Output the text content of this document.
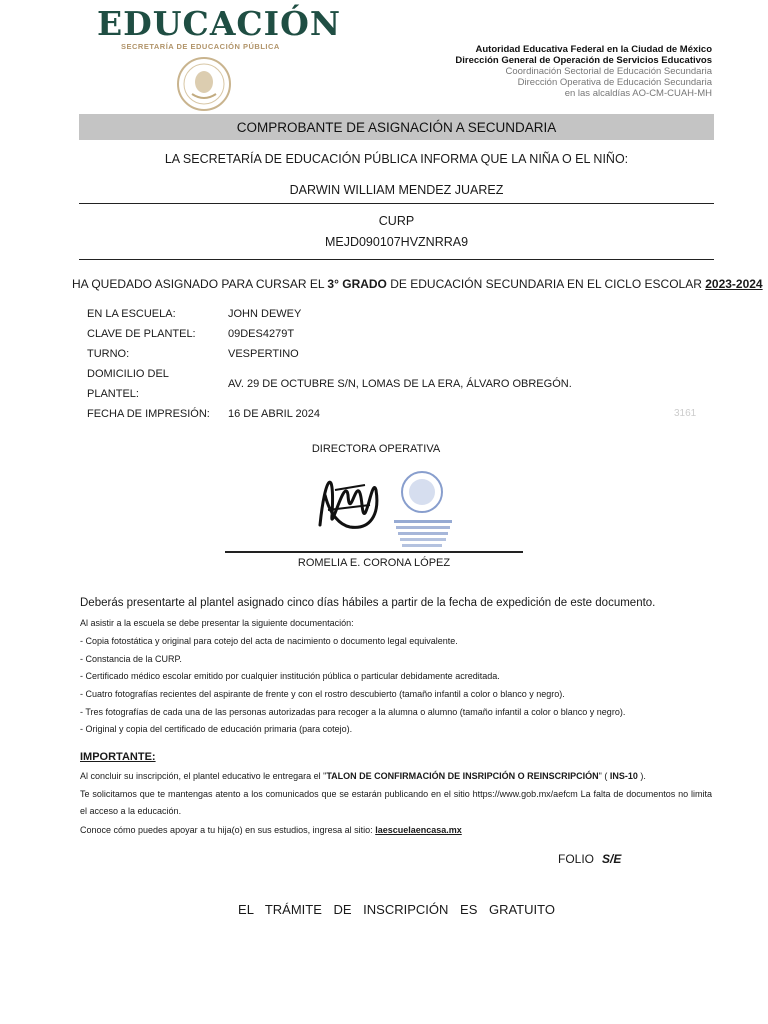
EDUCACIÓN
SECRETARÍA DE EDUCACIÓN PÚBLICA	Autoridad Educativa Federal en la Ciudad de México
Dirección General de Operación de Servicios Educativos
Coordinación Sectorial de Educación Secundaria
Dirección Operativa de Educación Secundaria
en las alcaldías AO-CM-CUAH-MH
COMPROBANTE DE ASIGNACIÓN A SECUNDARIA
LA SECRETARÍA DE EDUCACIÓN PÚBLICA INFORMA QUE LA NIÑA O EL NIÑO:
DARWIN WILLIAM MENDEZ JUAREZ
CURP
MEJD090107HVZNRRA9
HA QUEDADO ASIGNADO PARA CURSAR EL 3° GRADO DE EDUCACIÓN SECUNDARIA EN EL CICLO ESCOLAR 2023-2024
EN LA ESCUELA:	JOHN DEWEY
CLAVE DE PLANTEL:	09DES4279T
TURNO:	VESPERTINO
DOMICILIO DEL
PLANTEL:
AV. 29 DE OCTUBRE S/N, LOMAS DE LA ERA, ÁLVARO OBREGÓN.
FECHA DE IMPRESIÓN: 16 DE ABRIL 2024	3161
DIRECTORA OPERATIVA
ROMELIA E. CORONA LÓPEZ
Deberás presentarte al plantel asignado cinco días hábiles a partir de la fecha de expedición de este documento.
Al asistir a la escuela se debe presentar la siguiente documentación:
- Copia fotostática y original para cotejo del acta de nacimiento o documento legal equivalente.
- Constancia de la CURP.
- Certificado médico escolar emitido por cualquier institución pública o particular debidamente acreditada.
- Cuatro fotografías recientes del aspirante de frente y con el rostro descubierto (tamaño infantil a color o blanco y negro).
- Tres fotografías de cada una de las personas autorizadas para recoger a la alumna o alumno (tamaño infantil a color o blanco y negro).
- Original y copia del certificado de educación primaria (para cotejo).
IMPORTANTE:
Al concluir su inscripción, el plantel educativo le entregara el "TALON DE CONFIRMACIÓN DE INSRIPCIÓN O REINSCRIPCIÓN" ( INS-10 ).
Te solicitamos que te mantengas atento a los comunicados que se estarán publicando en el sitio https://www.gob.mx/aefcm La falta de documentos no limita el acceso a la educación.
Conoce cómo puedes apoyar a tu hija(o) en sus estudios, ingresa al sitio: laescuelaencasa.mx
FOLIO S/E
EL TRÁMITE DE INSCRIPCIÓN ES GRATUITO
